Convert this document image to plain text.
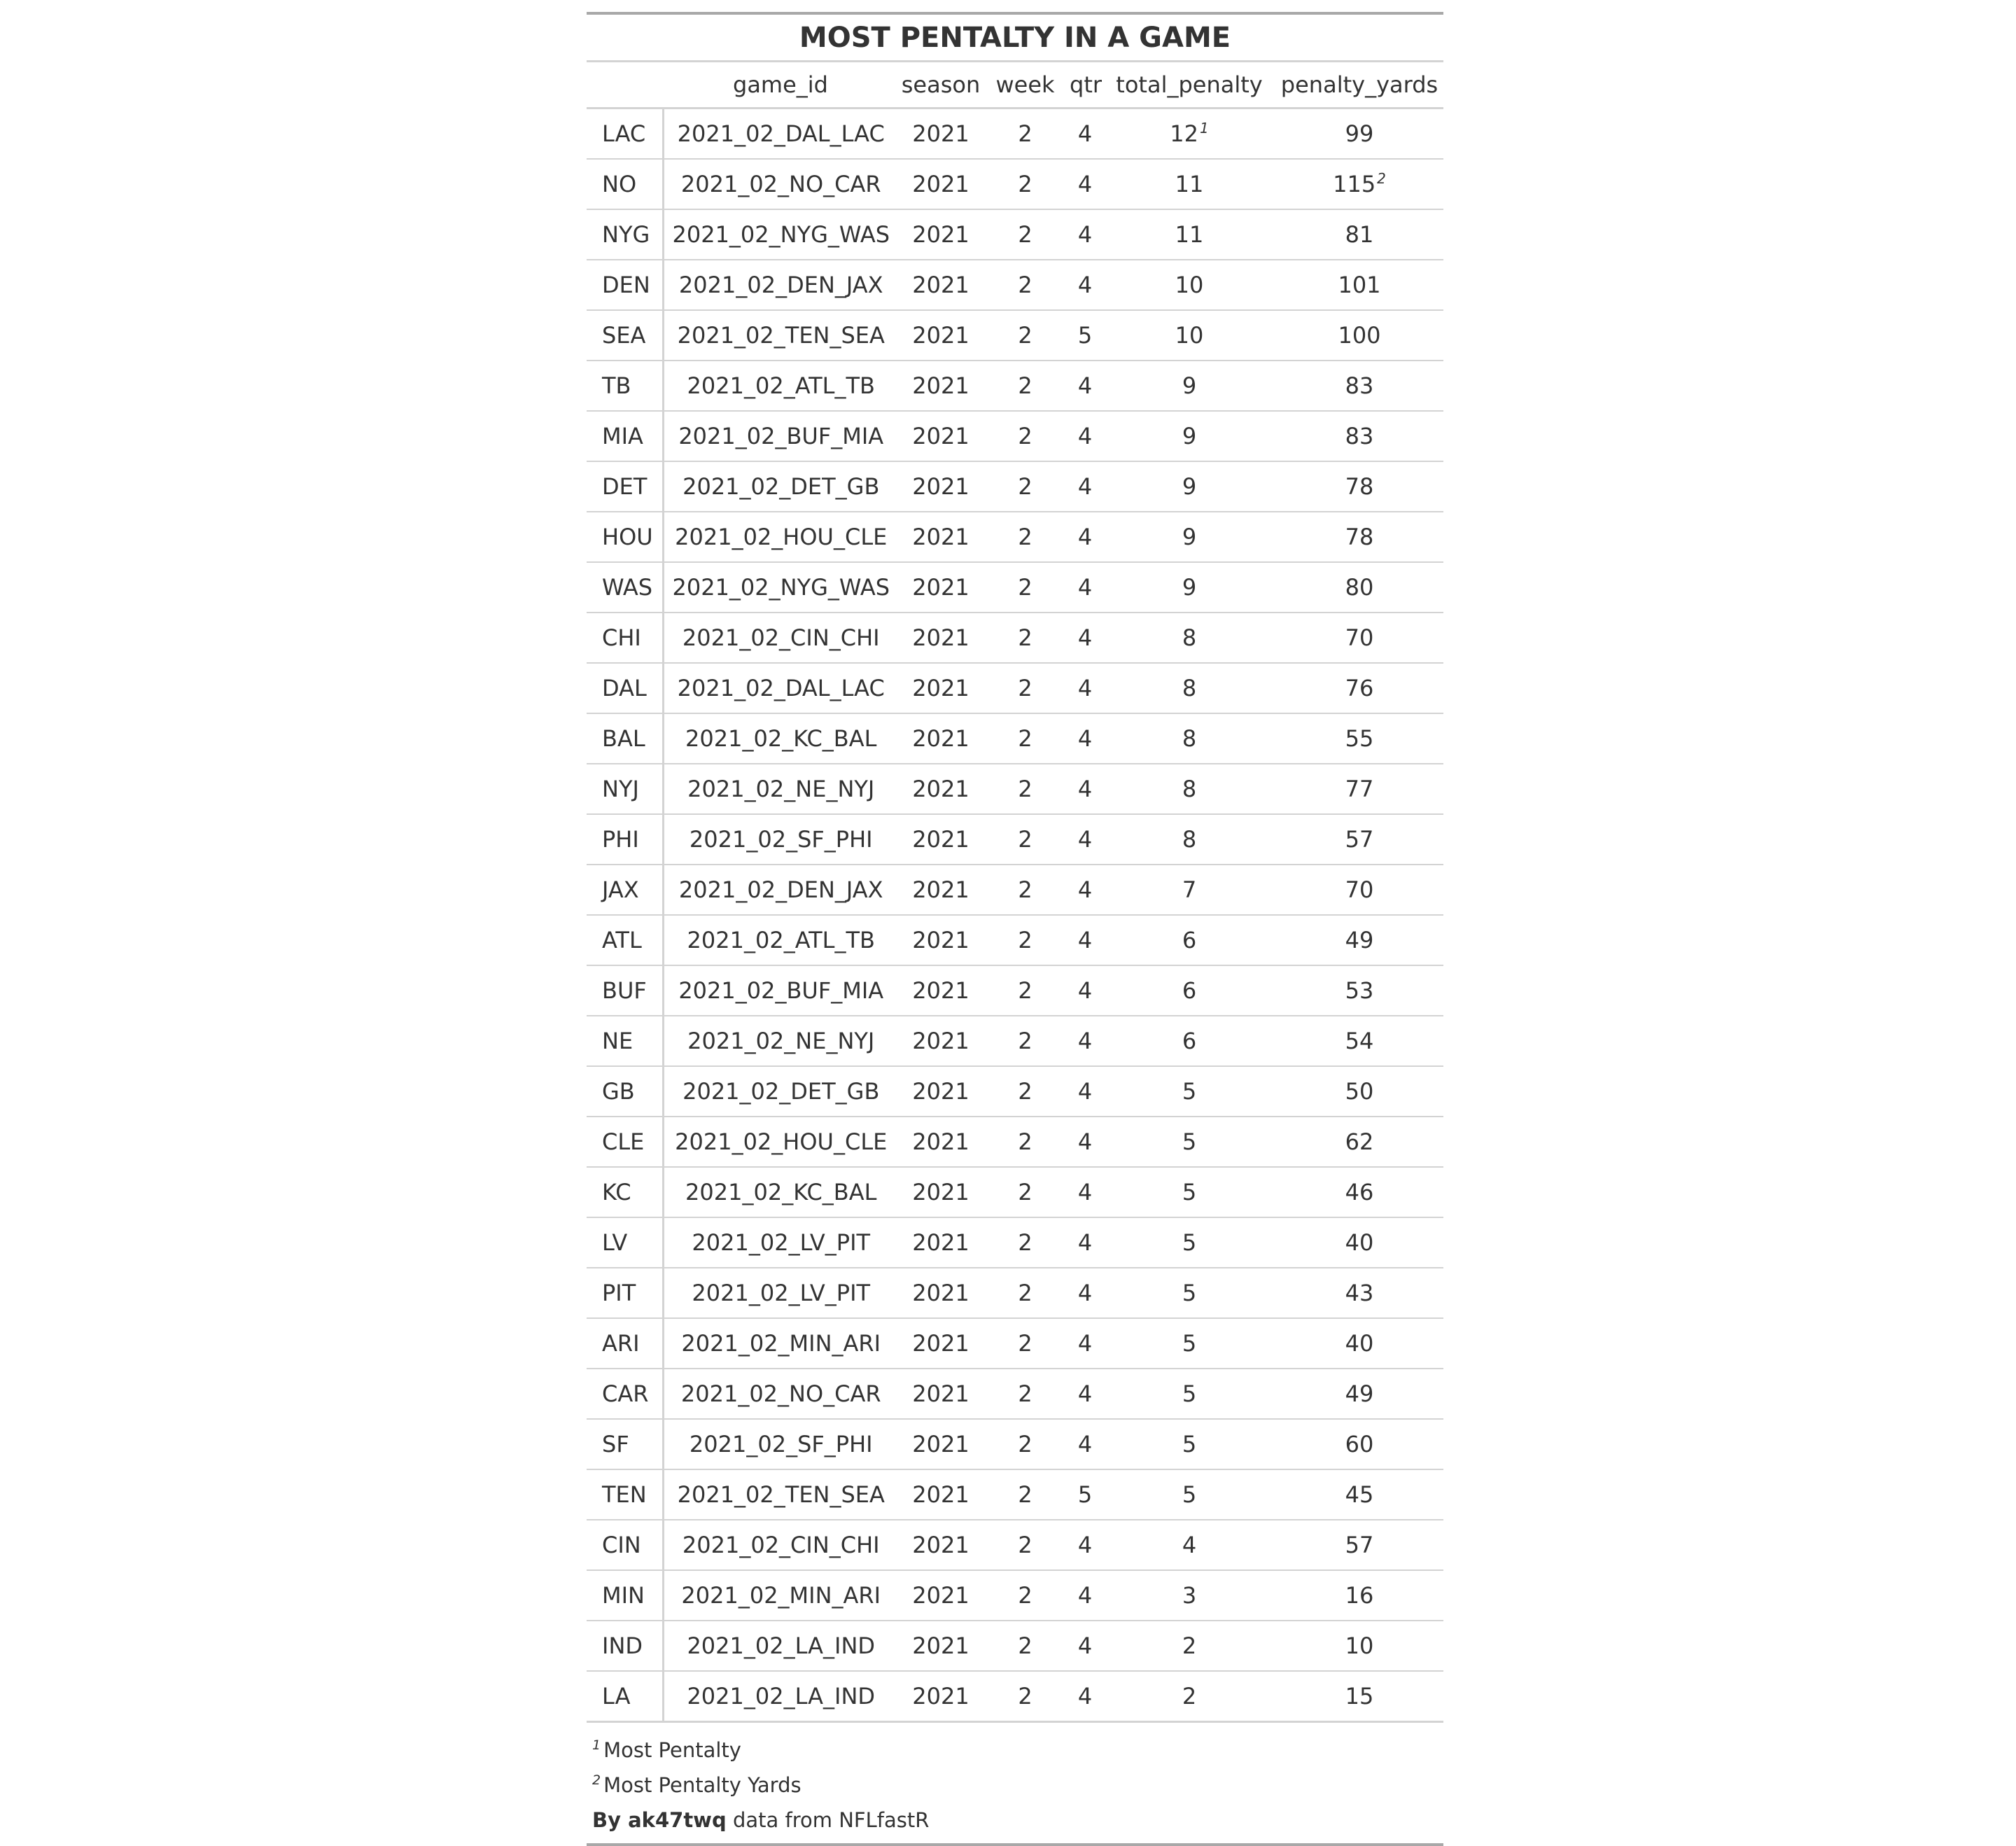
MOST PENTALTY IN A GAME						
	game_id	season	week	qtr	total_penalty	penalty_yards
LAC	2021_02_DAL_LAC	2021	2	4	12 $^1$	99
NO	2021_02_NO_CAR	2021	2	4	11	115 $^2$
NYG	2021_02_NYG_WAS	2021	2	4	11	81
DEN	2021_02_DEN_JAX	2021	2	4	10	101
SEA	2021_02_TEN_SEA	2021	2	5	10	100
TB	2021_02_ATL_TB	2021	2	4	9	83
MIA	2021_02_BUF_MIA	2021	2	4	9	83
DET	2021_02_DET_GB	2021	2	4	9	78
HOU	2021_02_HOU_CLE	2021	2	4	9	78
WAS	2021_02_NYG_WAS	2021	2	4	9	80
CHI	2021_02_CIN_CHI	2021	2	4	8	70
DAL	2021_02_DAL_LAC	2021	2	4	8	76
BAL	2021_02_KC_BAL	2021	2	4	8	55
NYJ	2021_02_NE_NYJ	2021	2	4	8	77
PHI	2021_02_SF_PHI	2021	2	4	8	57
JAX	2021_02_DEN_JAX	2021	2	4	7	70
ATL	2021_02_ATL_TB	2021	2	4	6	49
BUF	2021_02_BUF_MIA	2021	2	4	6	53
NE	2021_02_NE_NYJ	2021	2	4	6	54
GB	2021_02_DET_GB	2021	2	4	5	50
CLE	2021_02_HOU_CLE	2021	2	4	5	62
KC	2021_02_KC_BAL	2021	2	4	5	46
LV	2021_02_LV_PIT	2021	2	4	5	40
PIT	2021_02_LV_PIT	2021	2	4	5	43
ARI	2021_02_MIN_ARI	2021	2	4	5	40
CAR	2021_02_NO_CAR	2021	2	4	5	49
SF	2021_02_SF_PHI	2021	2	4	5	60
TEN	2021_02_TEN_SEA	2021	2	5	5	45
CIN	2021_02_CIN_CHI	2021	2	4	4	57
MIN	2021_02_MIN_ARI	2021	2	4	3	16
IND	2021_02_LA_IND	2021	2	4	2	10
LA	2021_02_LA_IND	2021	2	4	2	15
$^1$ Most Pentalty
$^2$ Most Pentalty Yards
By ak47twq data from NFLfastR
